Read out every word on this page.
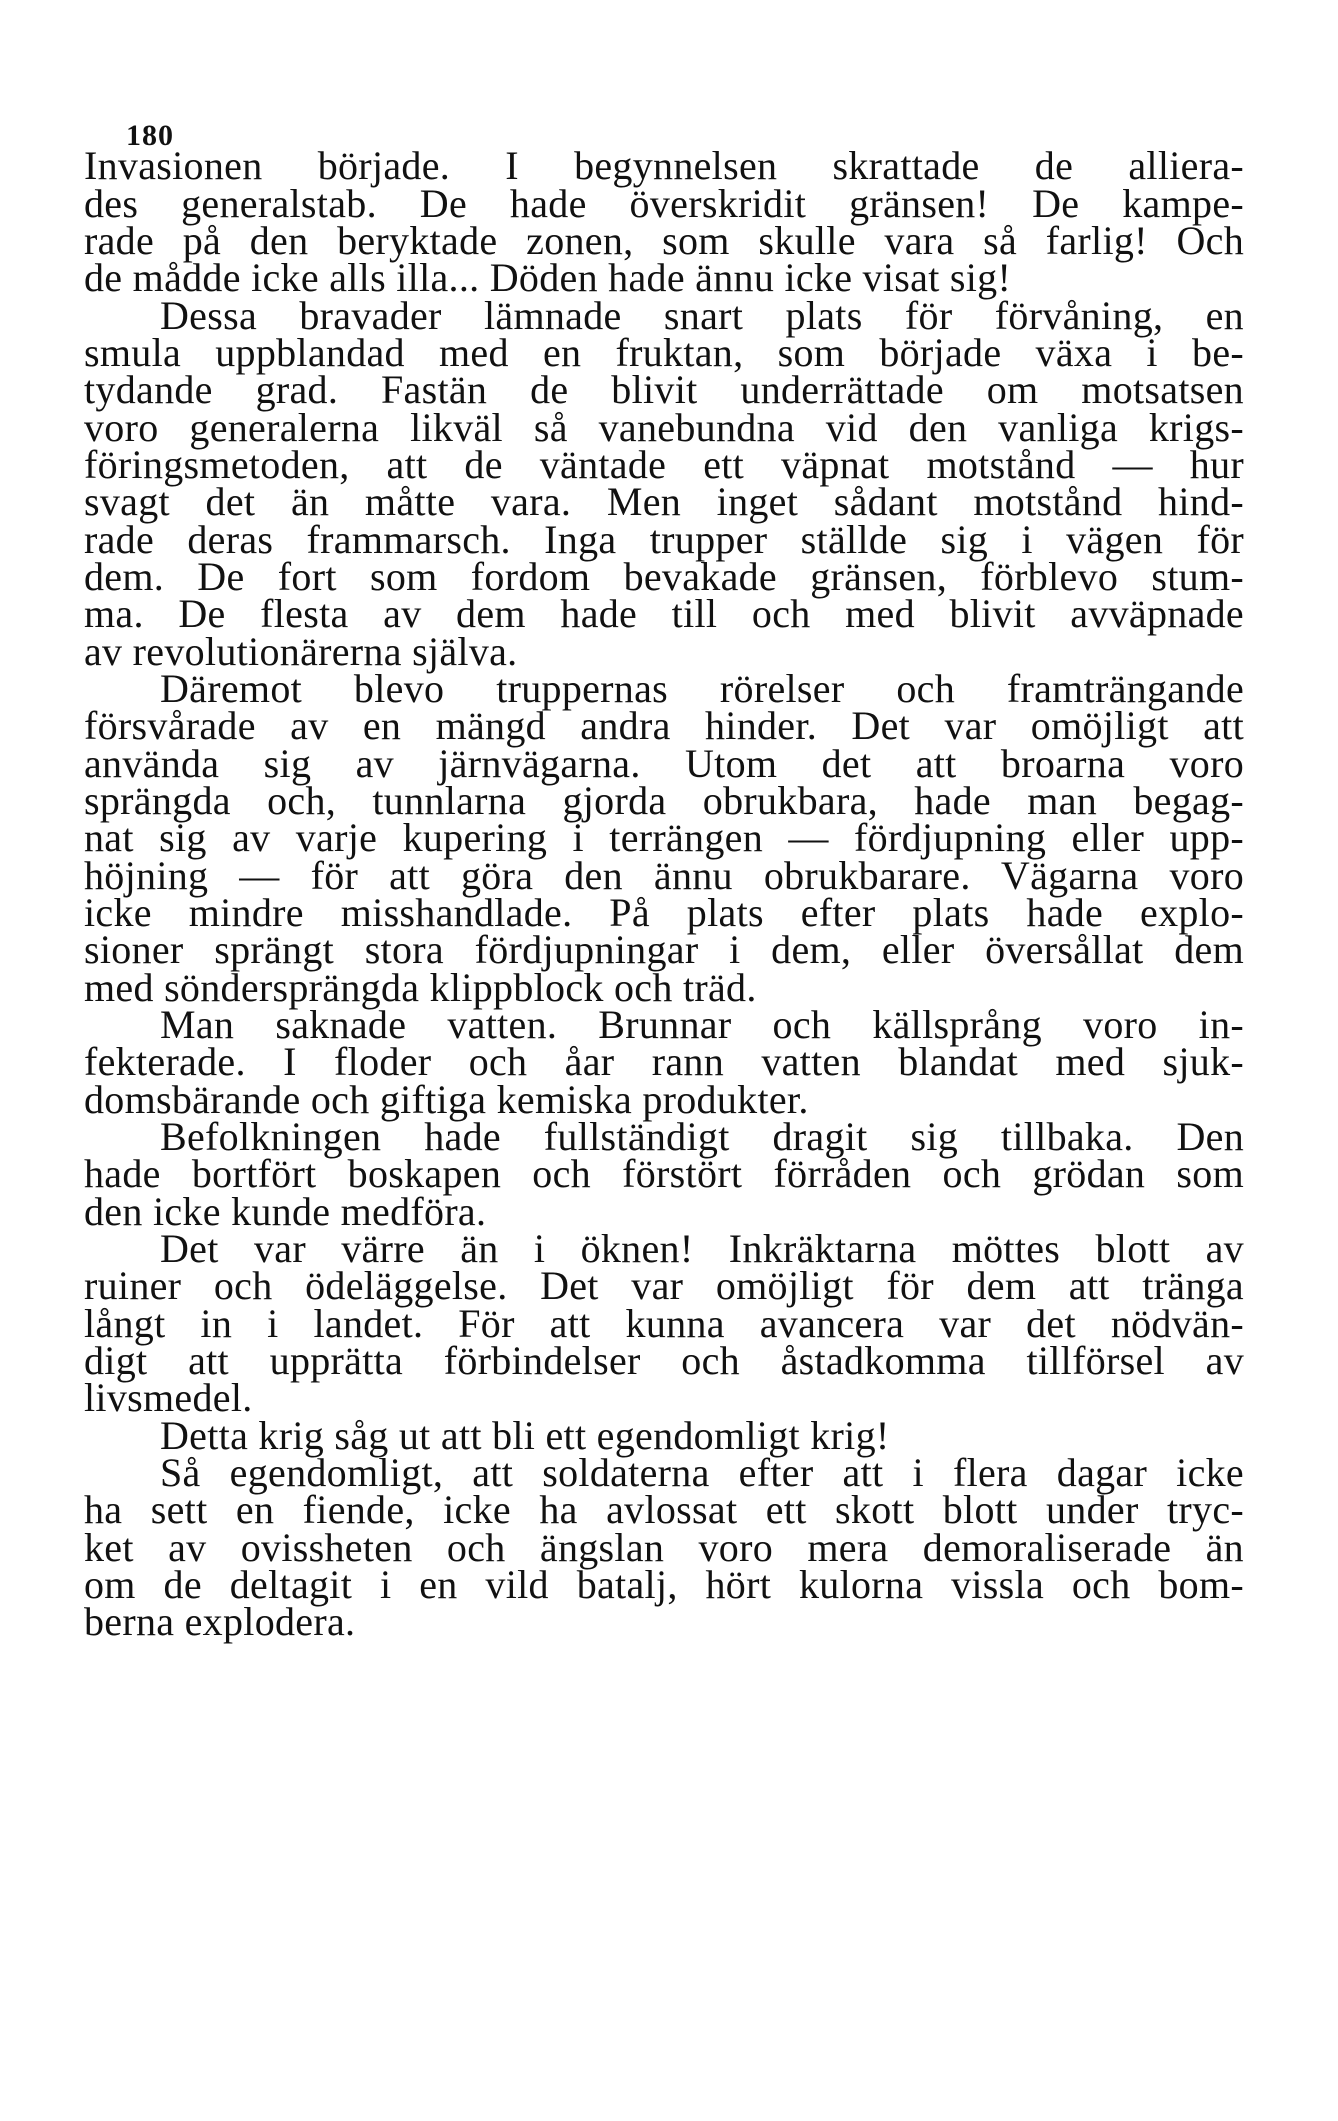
180
Invasionen började. I begynnelsen skrattade de alliera-
des generalstab. De hade överskridit gränsen! De kampe-
rade på den beryktade zonen, som skulle vara så farlig! Och
de mådde icke alls illa... Döden hade ännu icke visat sig!
Dessa bravader lämnade snart plats för förvåning, en
smula uppblandad med en fruktan, som började växa i be-
tydande grad. Fastän de blivit underrättade om motsatsen
voro generalerna likväl så vanebundna vid den vanliga krigs-
föringsmetoden, att de väntade ett väpnat motstånd — hur
svagt det än måtte vara. Men inget sådant motstånd hind-
rade deras frammarsch. Inga trupper ställde sig i vägen för
dem. De fort som fordom bevakade gränsen, förblevo stum-
ma. De flesta av dem hade till och med blivit avväpnade
av revolutionärerna själva.
Däremot blevo truppernas rörelser och framträngande
försvårade av en mängd andra hinder. Det var omöjligt att
använda sig av järnvägarna. Utom det att broarna voro
sprängda och, tunnlarna gjorda obrukbara, hade man begag-
nat sig av varje kupering i terrängen — fördjupning eller upp-
höjning — för att göra den ännu obrukbarare. Vägarna voro
icke mindre misshandlade. På plats efter plats hade explo-
sioner sprängt stora fördjupningar i dem, eller översållat dem
med söndersprängda klippblock och träd.
Man saknade vatten. Brunnar och källsprång voro in-
fekterade. I floder och åar rann vatten blandat med sjuk-
domsbärande och giftiga kemiska produkter.
Befolkningen hade fullständigt dragit sig tillbaka. Den
hade bortfört boskapen och förstört förråden och grödan som
den icke kunde medföra.
Det var värre än i öknen! Inkräktarna möttes blott av
ruiner och ödeläggelse. Det var omöjligt för dem att tränga
långt in i landet. För att kunna avancera var det nödvän-
digt att upprätta förbindelser och åstadkomma tillförsel av
livsmedel.
Detta krig såg ut att bli ett egendomligt krig!
Så egendomligt, att soldaterna efter att i flera dagar icke
ha sett en fiende, icke ha avlossat ett skott blott under tryc-
ket av ovissheten och ängslan voro mera demoraliserade än
om de deltagit i en vild batalj, hört kulorna vissla och bom-
berna explodera.
